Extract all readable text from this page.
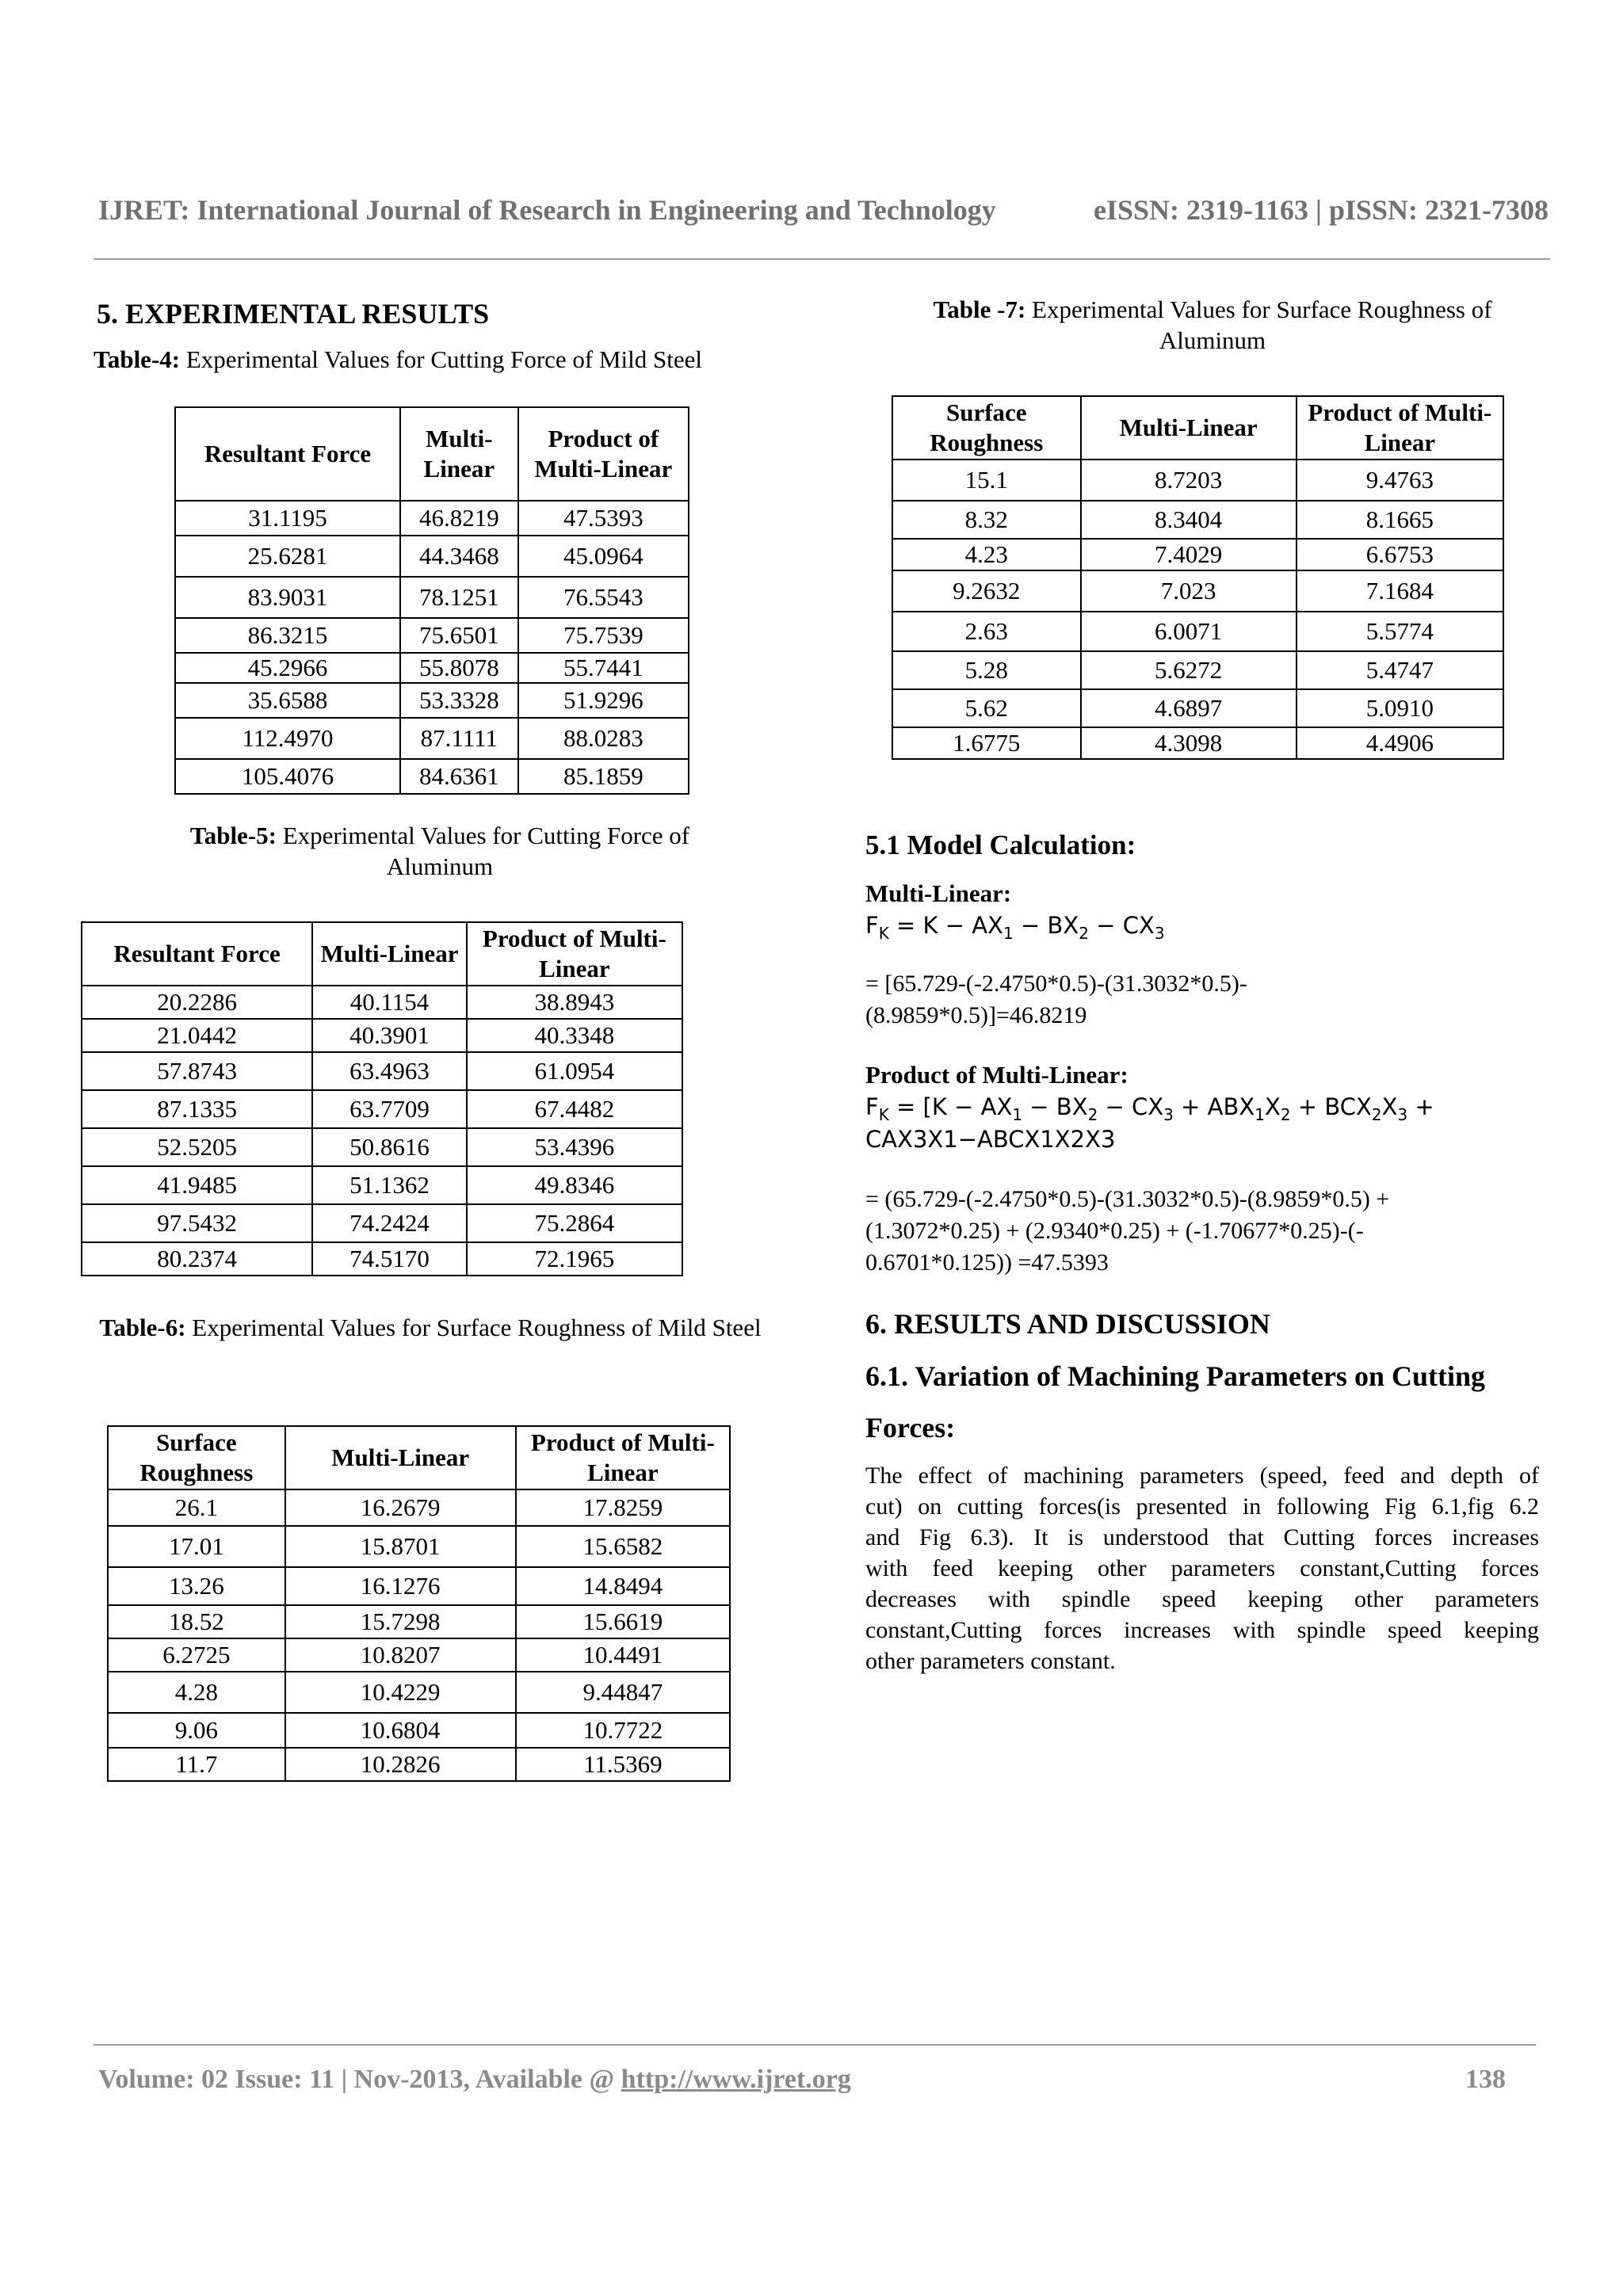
IJRET: International Journal of Research in Engineering and Technology	eISSN: 2319-1163 | pISSN: 2321-7308
5. EXPERIMENTAL RESULTS
Table-4: Experimental Values for Cutting Force of Mild Steel
Resultant Force	Multi-Linear	Product of Multi-Linear
31.1195	46.8219	47.5393
25.6281	44.3468	45.0964
83.9031	78.1251	76.5543
86.3215	75.6501	75.7539
45.2966	55.8078	55.7441
35.6588	53.3328	51.9296
112.4970	87.1111	88.0283
105.4076	84.6361	85.1859
Table-5: Experimental Values for Cutting Force of Aluminum
Resultant Force	Multi-Linear	Product of Multi-Linear
20.2286	40.1154	38.8943
21.0442	40.3901	40.3348
57.8743	63.4963	61.0954
87.1335	63.7709	67.4482
52.5205	50.8616	53.4396
41.9485	51.1362	49.8346
97.5432	74.2424	75.2864
80.2374	74.5170	72.1965
Table-6: Experimental Values for Surface Roughness of Mild Steel
Surface Roughness	Multi-Linear	Product of Multi-Linear
26.1	16.2679	17.8259
17.01	15.8701	15.6582
13.26	16.1276	14.8494
18.52	15.7298	15.6619
6.2725	10.8207	10.4491
4.28	10.4229	9.44847
9.06	10.6804	10.7722
11.7	10.2826	11.5369
Table -7: Experimental Values for Surface Roughness of Aluminum
Surface Roughness	Multi-Linear	Product of Multi-Linear
15.1	8.7203	9.4763
8.32	8.3404	8.1665
4.23	7.4029	6.6753
9.2632	7.023	7.1684
2.63	6.0071	5.5774
5.28	5.6272	5.4747
5.62	4.6897	5.0910
1.6775	4.3098	4.4906
5.1 Model Calculation:
Multi-Linear:
$F_K = K - AX_1 - BX_2 - CX_3$
= [65.729-(-2.4750*0.5)-(31.3032*0.5)-
(8.9859*0.5)]=46.8219
Product of Multi-Linear:
$F_K = [K - AX_1 - BX_2 - CX_3 + ABX_1X_2 + BCX_2X_3$ +
CAX3X1−ABCX1X2X3
= (65.729-(-2.4750*0.5)-(31.3032*0.5)-(8.9859*0.5) +
(1.3072*0.25) + (2.9340*0.25) + (-1.70677*0.25)-(-
0.6701*0.125)) =47.5393
6. RESULTS AND DISCUSSION
6.1. Variation of Machining Parameters on Cutting
Forces:
The effect of machining parameters (speed, feed and depth of
cut) on cutting forces(is presented in following Fig 6.1,fig 6.2
and Fig 6.3). It is understood that Cutting forces increases
with feed keeping other parameters constant,Cutting forces
decreases with spindle speed keeping other parameters
constant,Cutting forces increases with spindle speed keeping
other parameters constant.
Volume: 02 Issue: 11 | Nov-2013, Available @ http://www.ijret.org	138
